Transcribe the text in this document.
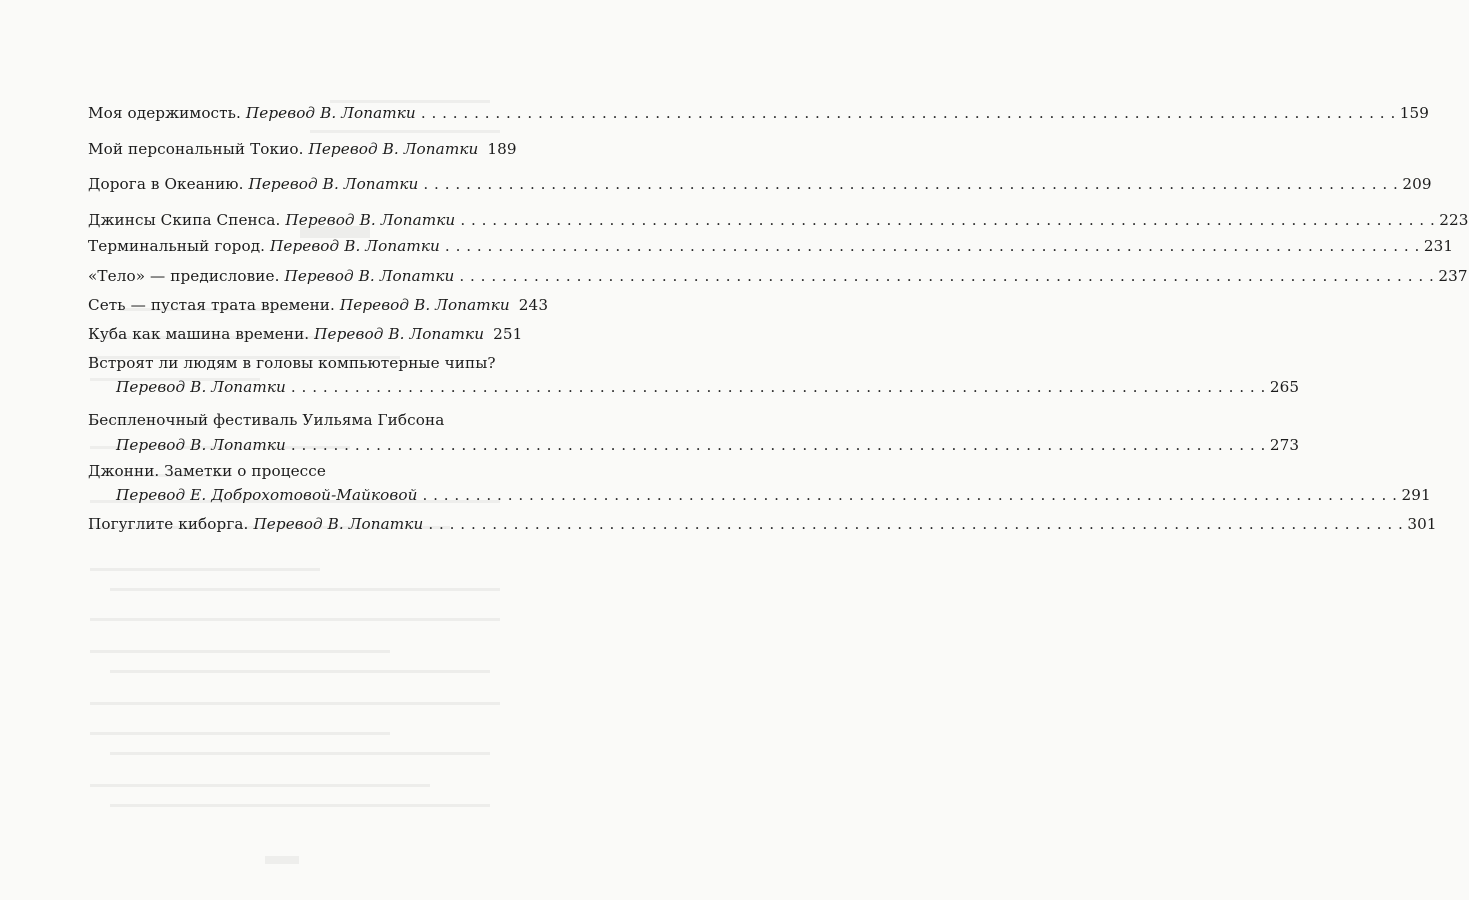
Моя одержимость.
Перевод В. Лопатки . . .	159
Мой персональный Токио.
Перевод В. Лопатки 189
Дорога в Океанию.
Перевод В. Лопатки . . .	209
Джинсы Скипа Спенса.
Перевод В. Лопатки . . .	223
Терминальный город.
Перевод В. Лопатки . . .	231
«Тело» — предисловие.
Перевод В. Лопатки . . .	237
Сеть — пустая трата времени.
Перевод В. Лопатки 243
Куба как машина времени.
Перевод В. Лопатки 251
Встроят ли людям в головы компьютерные чипы?
Перевод В. Лопатки . . .	265
Беспленочный фестиваль Уильяма Гибсона
Перевод В. Лопатки . . .	273
Джонни. Заметки о процессе
Перевод Е. Доброхотовой-Майковой . . .	291
Погуглите киборга.
Перевод В. Лопатки . . .	301
